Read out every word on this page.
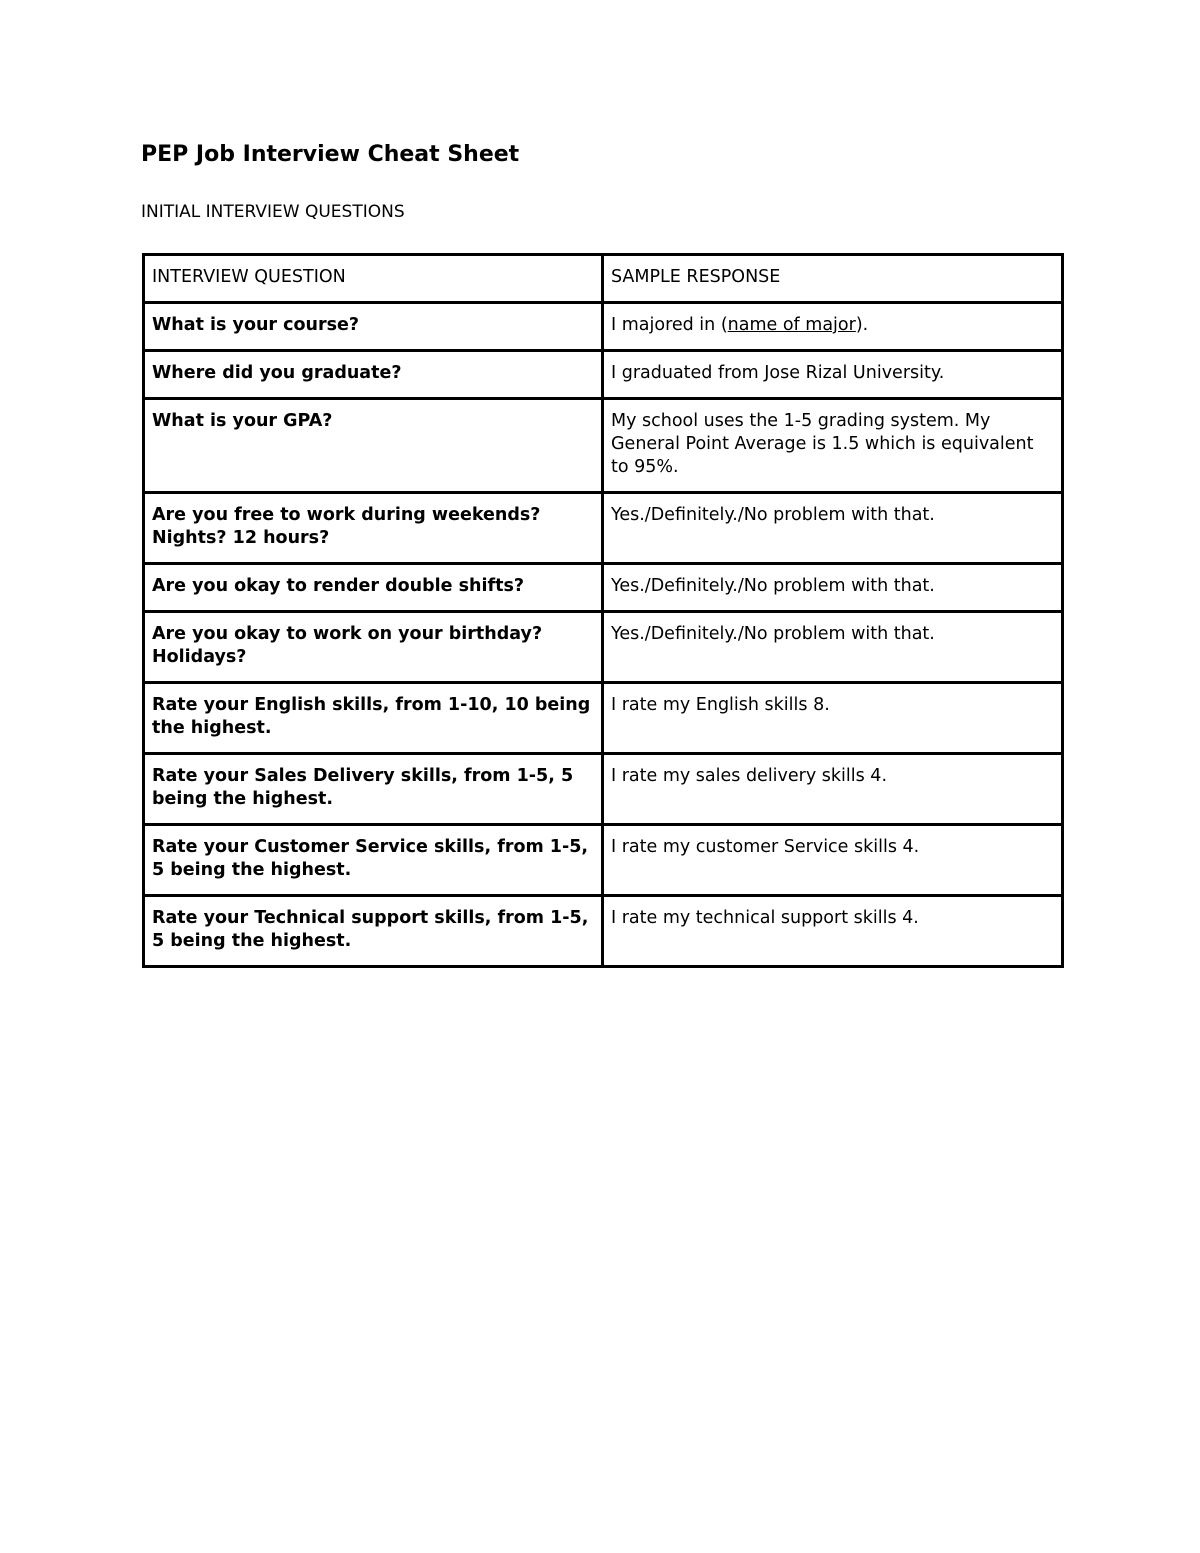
PEP Job Interview Cheat Sheet
INITIAL INTERVIEW QUESTIONS
INTERVIEW QUESTION	SAMPLE RESPONSE
What is your course?	I majored in (name of major).
Where did you graduate?	I graduated from Jose Rizal University.
What is your GPA?	My school uses the 1-5 grading system. My General Point Average is 1.5 which is equivalent to 95%.
Are you free to work during weekends? Nights? 12 hours?	Yes./Definitely./No problem with that.
Are you okay to render double shifts?	Yes./Definitely./No problem with that.
Are you okay to work on your birthday? Holidays?	Yes./Definitely./No problem with that.
Rate your English skills, from 1-10, 10 being the highest.	I rate my English skills 8.
Rate your Sales Delivery skills, from 1-5, 5 being the highest.	I rate my sales delivery skills 4.
Rate your Customer Service skills, from 1-5, 5 being the highest.	I rate my customer Service skills 4.
Rate your Technical support skills, from 1-5, 5 being the highest.	I rate my technical support skills 4.
